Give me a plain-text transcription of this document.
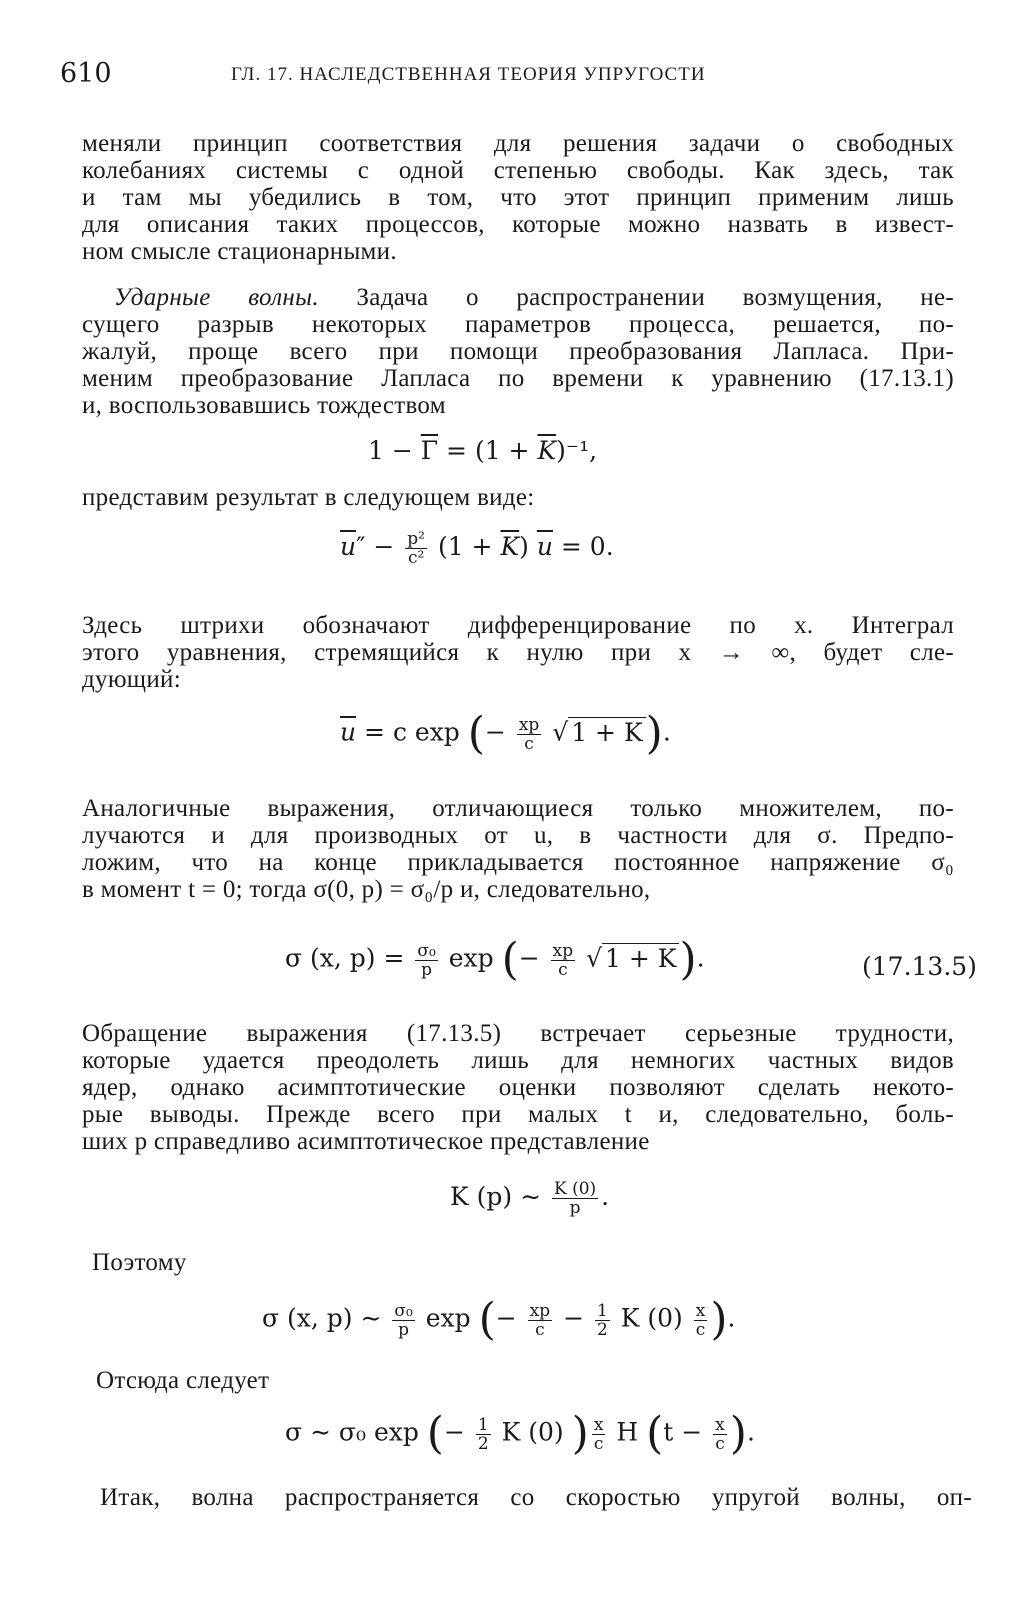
610	ГЛ. 17. НАСЛЕДСТВЕННАЯ ТЕОРИЯ УПРУГОСТИ
меняли принцип соответствия для решения задачи о свободных
колебаниях системы с одной степенью свободы. Как здесь, так
и там мы убедились в том, что этот принцип применим лишь
для описания таких процессов, которые можно назвать в извест-
ном смысле стационарными.
Ударные волны. Задача о распространении возмущения, не-
сущего разрыв некоторых параметров процесса, решается, по-
жалуй, проще всего при помощи преобразования Лапласа. При-
меним преобразование Лапласа по времени к уравнению (17.13.1)
и, воспользовавшись тождеством
$1 - \overline{\Gamma} = (1 + \overline{K})^{-1}$,
представим результат в следующем виде:
$\overline{u}'' - \frac{\text{p²}}{\text{c²}} (1 + \overline{K}) \overline{u} = 0$.
Здесь штрихи обозначают дифференцирование по x. Интеграл
этого уравнения, стремящийся к нулю при x → ∞, будет сле-
дующий:
$\overline{u} = c$ exp (− $\frac{xp}{c}$ √ 1 + K).
Аналогичные выражения, отличающиеся только множителем, по-
лучаются и для производных от u, в частности для σ. Предпо-
ложим, что на конце прикладывается постоянное напряжение σ₀
в момент t = 0; тогда σ(0, p) = σ₀/p и, следовательно,
σ (x, $p) = \frac{\text{σ₀}}{p}$ exp (− $\frac{xp}{c}$ √ 1 + K).	(17.13.5)
Обращение выражения (17.13.5) встречает серьезные трудности,
которые удается преодолеть лишь для немногих частных видов
ядер, однако асимптотические оценки позволяют сделать некото-
рые выводы. Прежде всего при малых t и, следовательно, боль-
ших p справедливо асимптотическое представление
K (p) ∼ $\frac{K (0)}{p}$ .
Поэтому
σ (x, p) ∼ $\frac{\text{σ₀}}{p}$ exp (− $\frac{xp}{c} - \frac{1}{2}$ K $(0) \frac{x}{c}$ ).
Отсюда следует
σ ∼ σ₀ exp (− $\frac{1}{2}$ K (0) ) $\frac{x}{c}$ H ($t - \frac{x}{c}$ ).
Итак, волна распространяется со скоростью упругой волны, оп-
